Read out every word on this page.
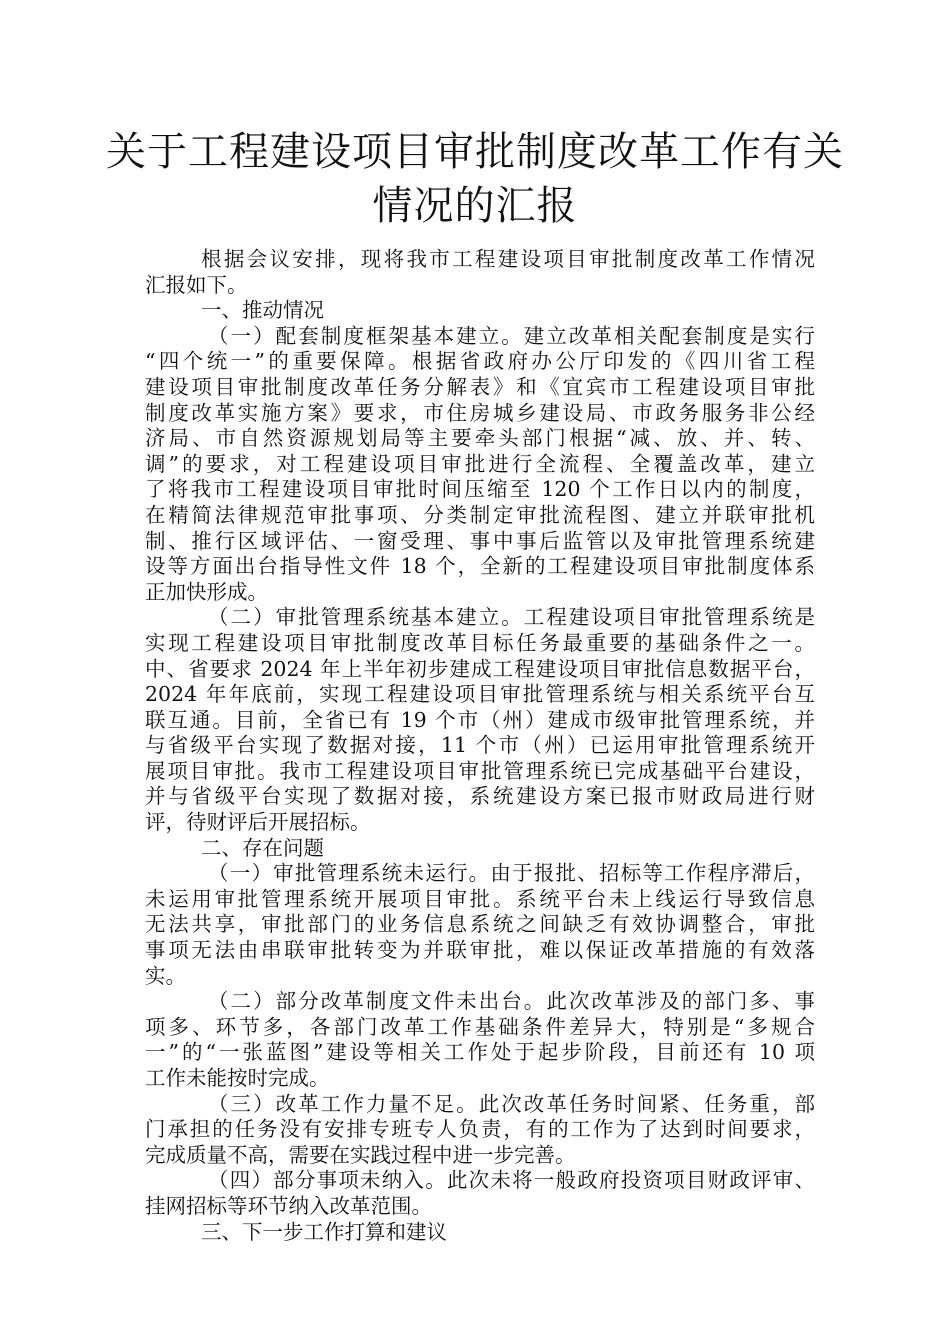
关于工程建设项目审批制度改革工作有关
情况的汇报
根据会议安排，现将我市工程建设项目审批制度改革工作情况
汇报如下。
一、推动情况
（一）配套制度框架基本建立。建立改革相关配套制度是实行
“四个统一”的重要保障。根据省政府办公厅印发的《四川省工程
建设项目审批制度改革任务分解表》和《宜宾市工程建设项目审批
制度改革实施方案》要求，市住房城乡建设局、市政务服务非公经
济局、市自然资源规划局等主要牵头部门根据“减、放、并、转、
调”的要求，对工程建设项目审批进行全流程、全覆盖改革，建立
了将我市工程建设项目审批时间压缩至 120 个工作日以内的制度，
在精简法律规范审批事项、分类制定审批流程图、建立并联审批机
制、推行区域评估、一窗受理、事中事后监管以及审批管理系统建
设等方面出台指导性文件 18 个，全新的工程建设项目审批制度体系
正加快形成。
（二）审批管理系统基本建立。工程建设项目审批管理系统是
实现工程建设项目审批制度改革目标任务最重要的基础条件之一。
中、省要求 2024 年上半年初步建成工程建设项目审批信息数据平台，
2024 年年底前，实现工程建设项目审批管理系统与相关系统平台互
联互通。目前，全省已有 19 个市（州）建成市级审批管理系统，并
与省级平台实现了数据对接，11 个市（州）已运用审批管理系统开
展项目审批。我市工程建设项目审批管理系统已完成基础平台建设，
并与省级平台实现了数据对接，系统建设方案已报市财政局进行财
评，待财评后开展招标。
二、存在问题
（一）审批管理系统未运行。由于报批、招标等工作程序滞后，
未运用审批管理系统开展项目审批。系统平台未上线运行导致信息
无法共享，审批部门的业务信息系统之间缺乏有效协调整合，审批
事项无法由串联审批转变为并联审批，难以保证改革措施的有效落
实。
（二）部分改革制度文件未出台。此次改革涉及的部门多、事
项多、环节多，各部门改革工作基础条件差异大，特别是“多规合
一”的“一张蓝图”建设等相关工作处于起步阶段，目前还有 10 项
工作未能按时完成。
（三）改革工作力量不足。此次改革任务时间紧、任务重，部
门承担的任务没有安排专班专人负责，有的工作为了达到时间要求，
完成质量不高，需要在实践过程中进一步完善。
（四）部分事项未纳入。此次未将一般政府投资项目财政评审、
挂网招标等环节纳入改革范围。
三、下一步工作打算和建议
